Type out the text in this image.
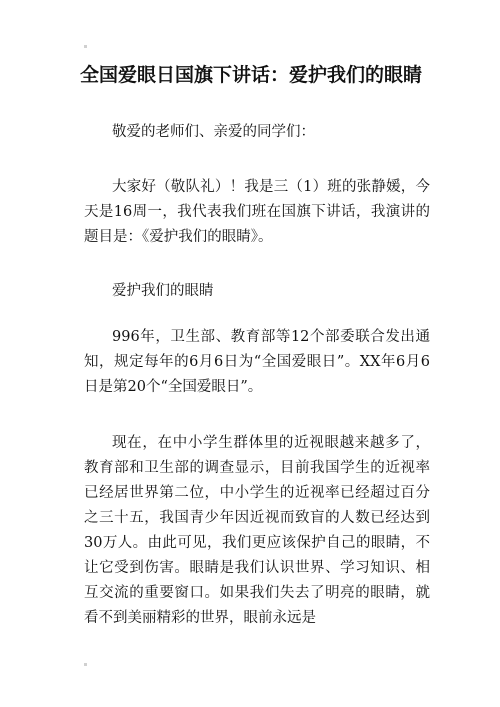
全国爱眼日国旗下讲话：爱护我们的眼睛

敬爱的老师们、亲爱的同学们：

大家好（敬队礼）！我是三（1）班的张静媛，今天是16周一，我代表我们班在国旗下讲话，我演讲的题目是：《爱护我们的眼睛》。

爱护我们的眼睛

996年，卫生部、教育部等12个部委联合发出通知，规定每年的6月6日为“全国爱眼日”。XX年6月6日是第20个“全国爱眼日”。

现在，在中小学生群体里的近视眼越来越多了，教育部和卫生部的调查显示，目前我国学生的近视率已经居世界第二位，中小学生的近视率已经超过百分之三十五，我国青少年因近视而致盲的人数已经达到30万人。由此可见，我们更应该保护自己的眼睛，不让它受到伤害。眼睛是我们认识世界、学习知识、相互交流的重要窗口。如果我们失去了明亮的眼睛，就看不到美丽精彩的世界，眼前永远是
